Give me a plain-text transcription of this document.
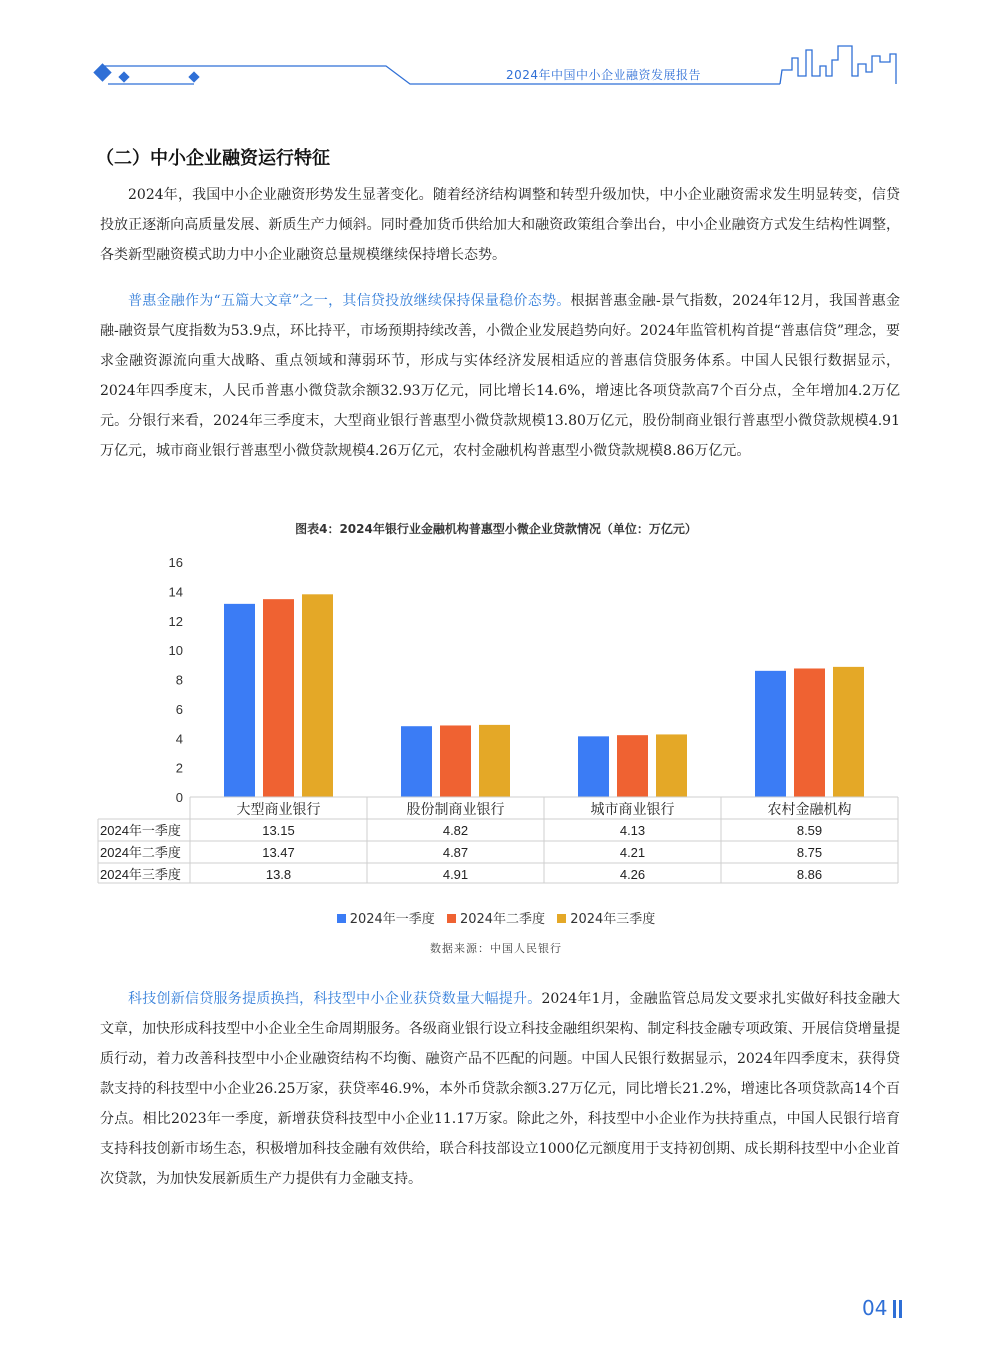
2024年中国中小企业融资发展报告
（二）中小企业融资运行特征
2024年，我国中小企业融资形势发生显著变化。随着经济结构调整和转型升级加快，中小企业融资需求发生明显转变，信贷投放正逐渐向高质量发展、新质生产力倾斜。同时叠加货币供给加大和融资政策组合拳出台，中小企业融资方式发生结构性调整，各类新型融资模式助力中小企业融资总量规模继续保持增长态势。
普惠金融作为“五篇大文章”之一，其信贷投放继续保持保量稳价态势。根据普惠金融-景气指数，2024年12月，我国普惠金融-融资景气度指数为53.9点，环比持平，市场预期持续改善，小微企业发展趋势向好。2024年监管机构首提“普惠信贷”理念，要求金融资源流向重大战略、重点领域和薄弱环节，形成与实体经济发展相适应的普惠信贷服务体系。中国人民银行数据显示，2024年四季度末，人民币普惠小微贷款余额32.93万亿元，同比增长14.6%，增速比各项贷款高7个百分点，全年增加4.2万亿元。分银行来看，2024年三季度末，大型商业银行普惠型小微贷款规模13.80万亿元，股份制商业银行普惠型小微贷款规模4.91万亿元，城市商业银行普惠型小微贷款规模4.26万亿元，农村金融机构普惠型小微贷款规模8.86万亿元。
图表4：2024年银行业金融机构普惠型小微企业贷款情况（单位：万亿元）
0
2
4
6
8
10
12
14
16
大型商业银行	股份制商业银行	城市商业银行	农村金融机构
2024年一季度	13.15	4.82	4.13	8.59
2024年二季度	13.47	4.87	4.21	8.75
2024年三季度	13.8	4.91	4.26	8.86
2024年一季度 2024年二季度 2024年三季度
数据来源：中国人民银行
科技创新信贷服务提质换挡，科技型中小企业获贷数量大幅提升。2024年1月，金融监管总局发文要求扎实做好科技金融大文章，加快形成科技型中小企业全生命周期服务。各级商业银行设立科技金融组织架构、制定科技金融专项政策、开展信贷增量提质行动，着力改善科技型中小企业融资结构不均衡、融资产品不匹配的问题。中国人民银行数据显示，2024年四季度末，获得贷款支持的科技型中小企业26.25万家，获贷率46.9%，本外币贷款余额3.27万亿元，同比增长21.2%，增速比各项贷款高14个百分点。相比2023年一季度，新增获贷科技型中小企业11.17万家。除此之外，科技型中小企业作为扶持重点，中国人民银行培育支持科技创新市场生态，积极增加科技金融有效供给，联合科技部设立1000亿元额度用于支持初创期、成长期科技型中小企业首次贷款，为加快发展新质生产力提供有力金融支持。
04
